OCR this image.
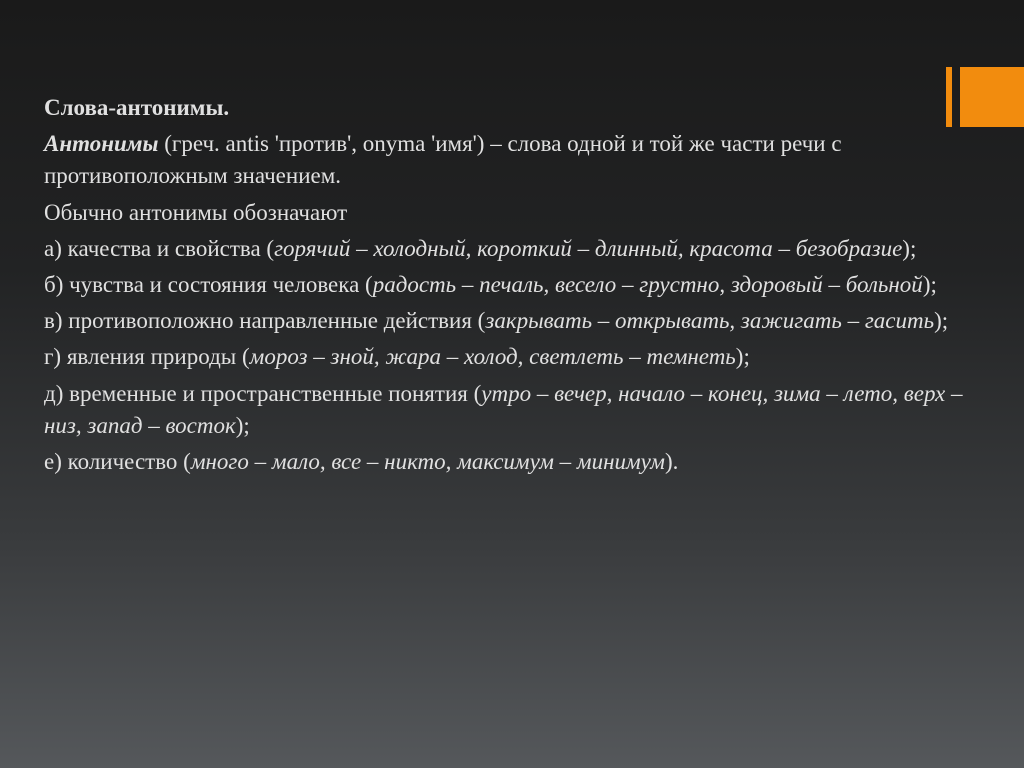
Слова-антонимы.

Антонимы (греч. antis 'против', onyma 'имя') – слова одной и той же части речи с противоположным значением.

Обычно антонимы обозначают

а) качества и свойства (горячий – холодный, короткий – длинный, красота – безобразие);

б) чувства и состояния человека (радость – печаль, весело – грустно, здоровый – больной);

в) противоположно направленные действия (закрывать – открывать, зажигать – гасить);

г) явления природы (мороз – зной, жара – холод, светлеть – темнеть);

д) временные и пространственные понятия (утро – вечер, начало – конец, зима – лето, верх – низ, запад – восток);

е) количество (много – мало, все – никто, максимум – минимум).
